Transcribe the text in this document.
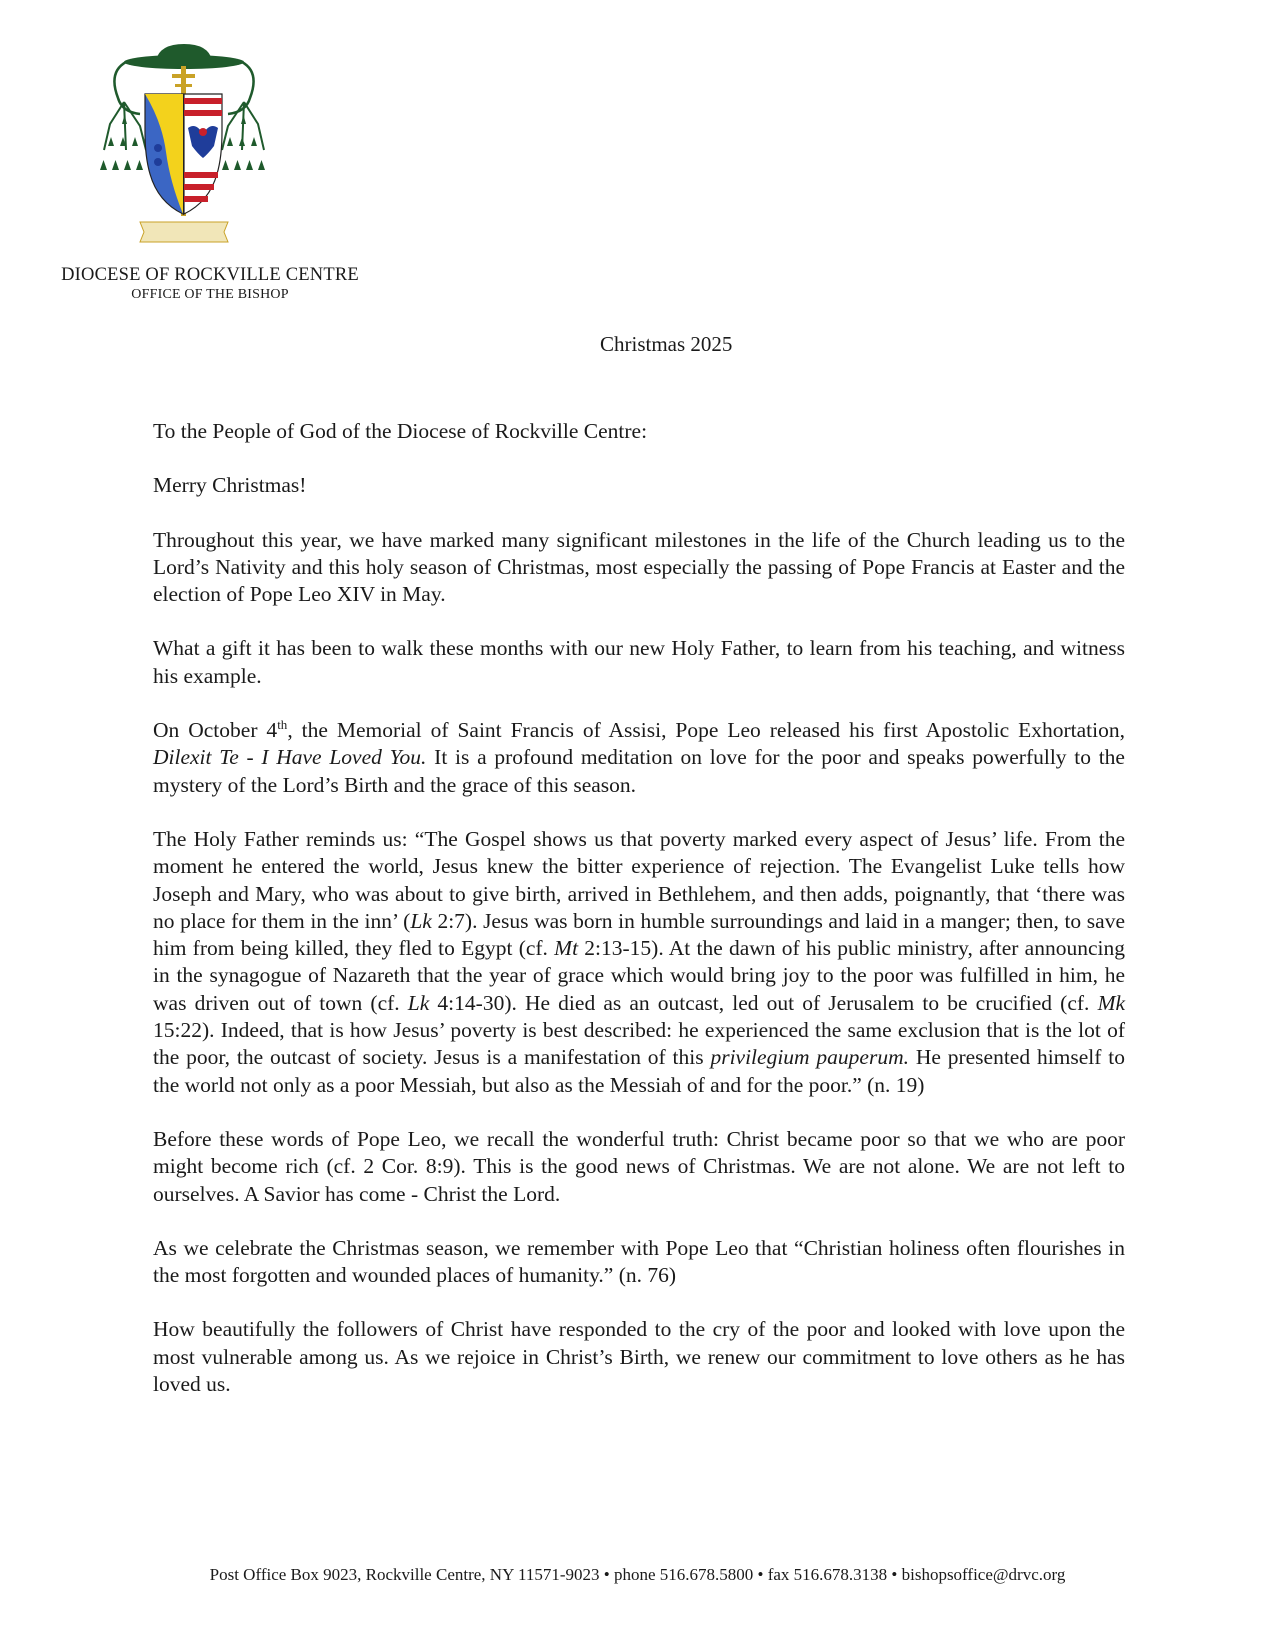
DIOCESE OF ROCKVILLE CENTRE
OFFICE OF THE BISHOP
Christmas 2025

To the People of God of the Diocese of Rockville Centre:

Merry Christmas!

Throughout this year, we have marked many significant milestones in the life of the Church leading us to the Lord’s Nativity and this holy season of Christmas, most especially the passing of Pope Francis at Easter and the election of Pope Leo XIV in May.

What a gift it has been to walk these months with our new Holy Father, to learn from his teaching, and witness his example.

On October 4th, the Memorial of Saint Francis of Assisi, Pope Leo released his first Apostolic Exhortation, Dilexit Te - I Have Loved You. It is a profound meditation on love for the poor and speaks powerfully to the mystery of the Lord’s Birth and the grace of this season.

The Holy Father reminds us: “The Gospel shows us that poverty marked every aspect of Jesus’ life. From the moment he entered the world, Jesus knew the bitter experience of rejection. The Evangelist Luke tells how Joseph and Mary, who was about to give birth, arrived in Bethlehem, and then adds, poignantly, that ‘there was no place for them in the inn’ (Lk 2:7). Jesus was born in humble surroundings and laid in a manger; then, to save him from being killed, they fled to Egypt (cf. Mt 2:13-15). At the dawn of his public ministry, after announcing in the synagogue of Nazareth that the year of grace which would bring joy to the poor was fulfilled in him, he was driven out of town (cf. Lk 4:14-30). He died as an outcast, led out of Jerusalem to be crucified (cf. Mk 15:22). Indeed, that is how Jesus’ poverty is best described: he experienced the same exclusion that is the lot of the poor, the outcast of society. Jesus is a manifestation of this privilegium pauperum. He presented himself to the world not only as a poor Messiah, but also as the Messiah of and for the poor.” (n. 19)

Before these words of Pope Leo, we recall the wonderful truth: Christ became poor so that we who are poor might become rich (cf. 2 Cor. 8:9). This is the good news of Christmas. We are not alone. We are not left to ourselves. A Savior has come - Christ the Lord.

As we celebrate the Christmas season, we remember with Pope Leo that “Christian holiness often flourishes in the most forgotten and wounded places of humanity.” (n. 76)

How beautifully the followers of Christ have responded to the cry of the poor and looked with love upon the most vulnerable among us. As we rejoice in Christ’s Birth, we renew our commitment to love others as he has loved us.

Post Office Box 9023, Rockville Centre, NY 11571-9023 • phone 516.678.5800 • fax 516.678.3138 • bishopsoffice@drvc.org
